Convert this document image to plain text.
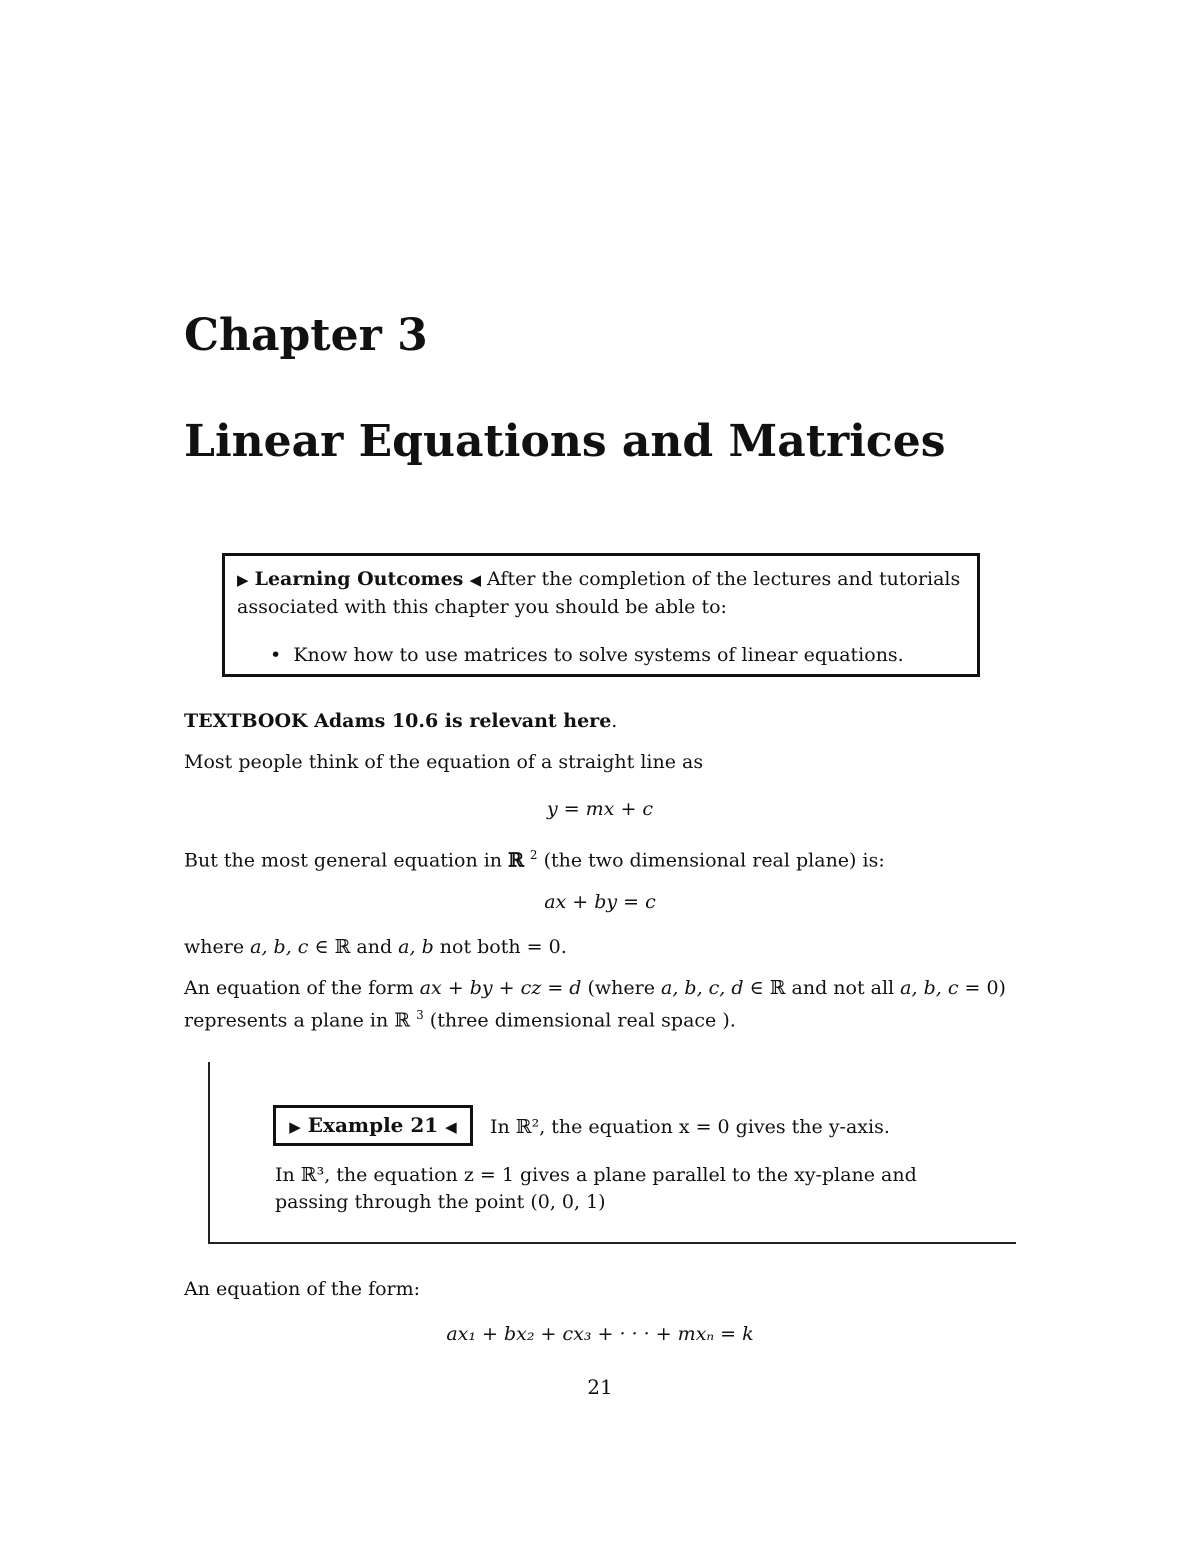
Chapter 3
Linear Equations and Matrices
▶ Learning Outcomes ◀ After the completion of the lectures and tutorials associated with this chapter you should be able to:
• Know how to use matrices to solve systems of linear equations.
TEXTBOOK Adams 10.6 is relevant here.
Most people think of the equation of a straight line as
y = mx + c
But the most general equation in ℝ $^2$ (the two dimensional real plane) is:
ax + by = c
where a, b, c ∈ ℝ and a, b not both = 0.
An equation of the form ax + by + cz = d (where a, b, c, d ∈ ℝ and not all a, b, c = 0)
represents a plane in ℝ $^3$ (three dimensional real space ).
▶ Example 21 ◀	In ℝ², the equation x = 0 gives the y-axis.
In ℝ³, the equation z = 1 gives a plane parallel to the xy-plane and
passing through the point (0, 0, 1)
An equation of the form:
ax₁ + bx₂ + cx₃ + · · · + mxₙ = k
21
